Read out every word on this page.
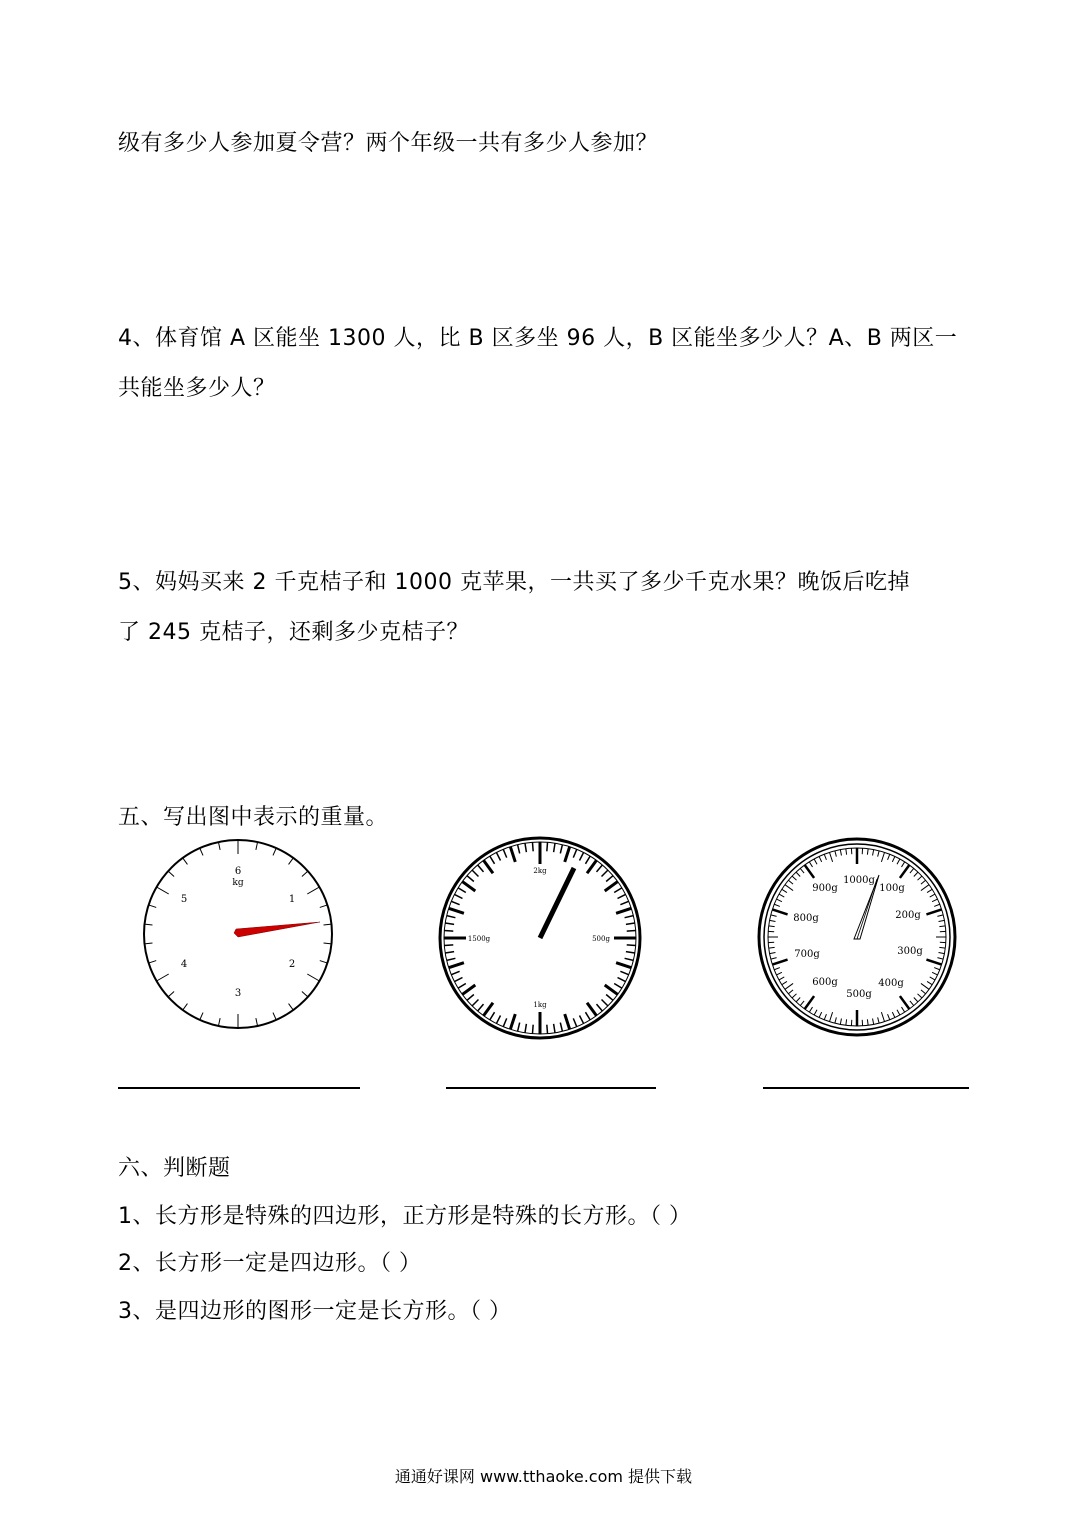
级有多少人参加夏令营？两个年级一共有多少人参加？
4、体育馆 A 区能坐 1300 人，比 B 区多坐 96 人，B 区能坐多少人？A、B 两区一
共能坐多少人？
5、妈妈买来 2 千克桔子和 1000 克苹果，一共买了多少千克水果？晚饭后吃掉
了 245 克桔子，还剩多少克桔子？
五、写出图中表示的重量。
6
kg
1
2
3
4
5
2kg
500g
1kg
1500g
1000g
100g
200g
300g
400g
500g
600g
700g
800g
900g
六、判断题
1、长方形是特殊的四边形，正方形是特殊的长方形。（ ）
2、长方形一定是四边形。（ ）
3、是四边形的图形一定是长方形。（ ）
通通好课网 www.tthaoke.com 提供下载
